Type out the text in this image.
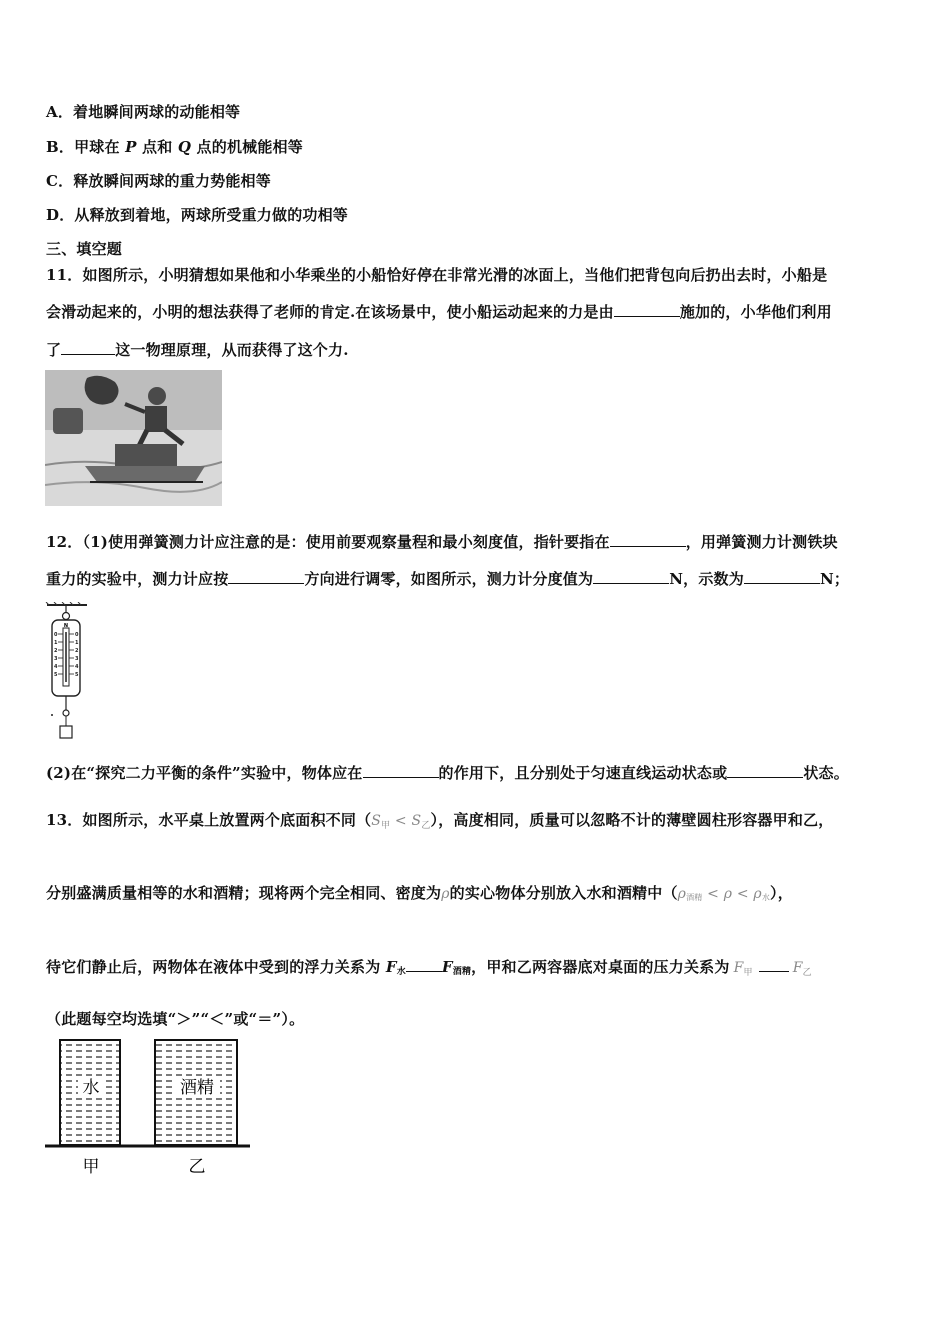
A．着地瞬间两球的动能相等
B．甲球在 P 点和 Q 点的机械能相等
C．释放瞬间两球的重力势能相等
D．从释放到着地，两球所受重力做的功相等
三、填空题
11．如图所示，小明猜想如果他和小华乘坐的小船恰好停在非常光滑的冰面上，当他们把背包向后扔出去时，小船是
会滑动起来的，小明的想法获得了老师的肯定.在该场景中，使小船运动起来的力是由	施加的，小华他们利用
了	这一物理原理，从而获得了这个力.
12．（1)使用弹簧测力计应注意的是：使用前要观察量程和最小刻度值，指针要指在	，用弹簧测力计测铁块
重力的实验中，测力计应按	方向进行调零，如图所示，测力计分度值为	N，示数为	N；
N
0
1
2
3
4
5
0
1
2
3
4
5
(2)在“探究二力平衡的条件”实验中，物体应在	的作用下，且分别处于匀速直线运动状态或	状态。
13．如图所示，水平桌上放置两个底面积不同$(S_甲 < S_乙)$，高度相同，质量可以忽略不计的薄壁圆柱形容器甲和乙，
分别盛满质量相等的水和酒精；现将两个完全相同、密度为ρ的实心物体分别放入水和酒精中$(\rho_{酒精} < \rho < \rho_水)$，
待它们静止后，两物体在液体中受到的浮力关系为 F水 F酒精，甲和乙两容器底对桌面的压力关系为 $F_甲$	$F_乙$
（此题每空均选填“＞”“＜”或“＝”）。
水	酒精
甲	乙
